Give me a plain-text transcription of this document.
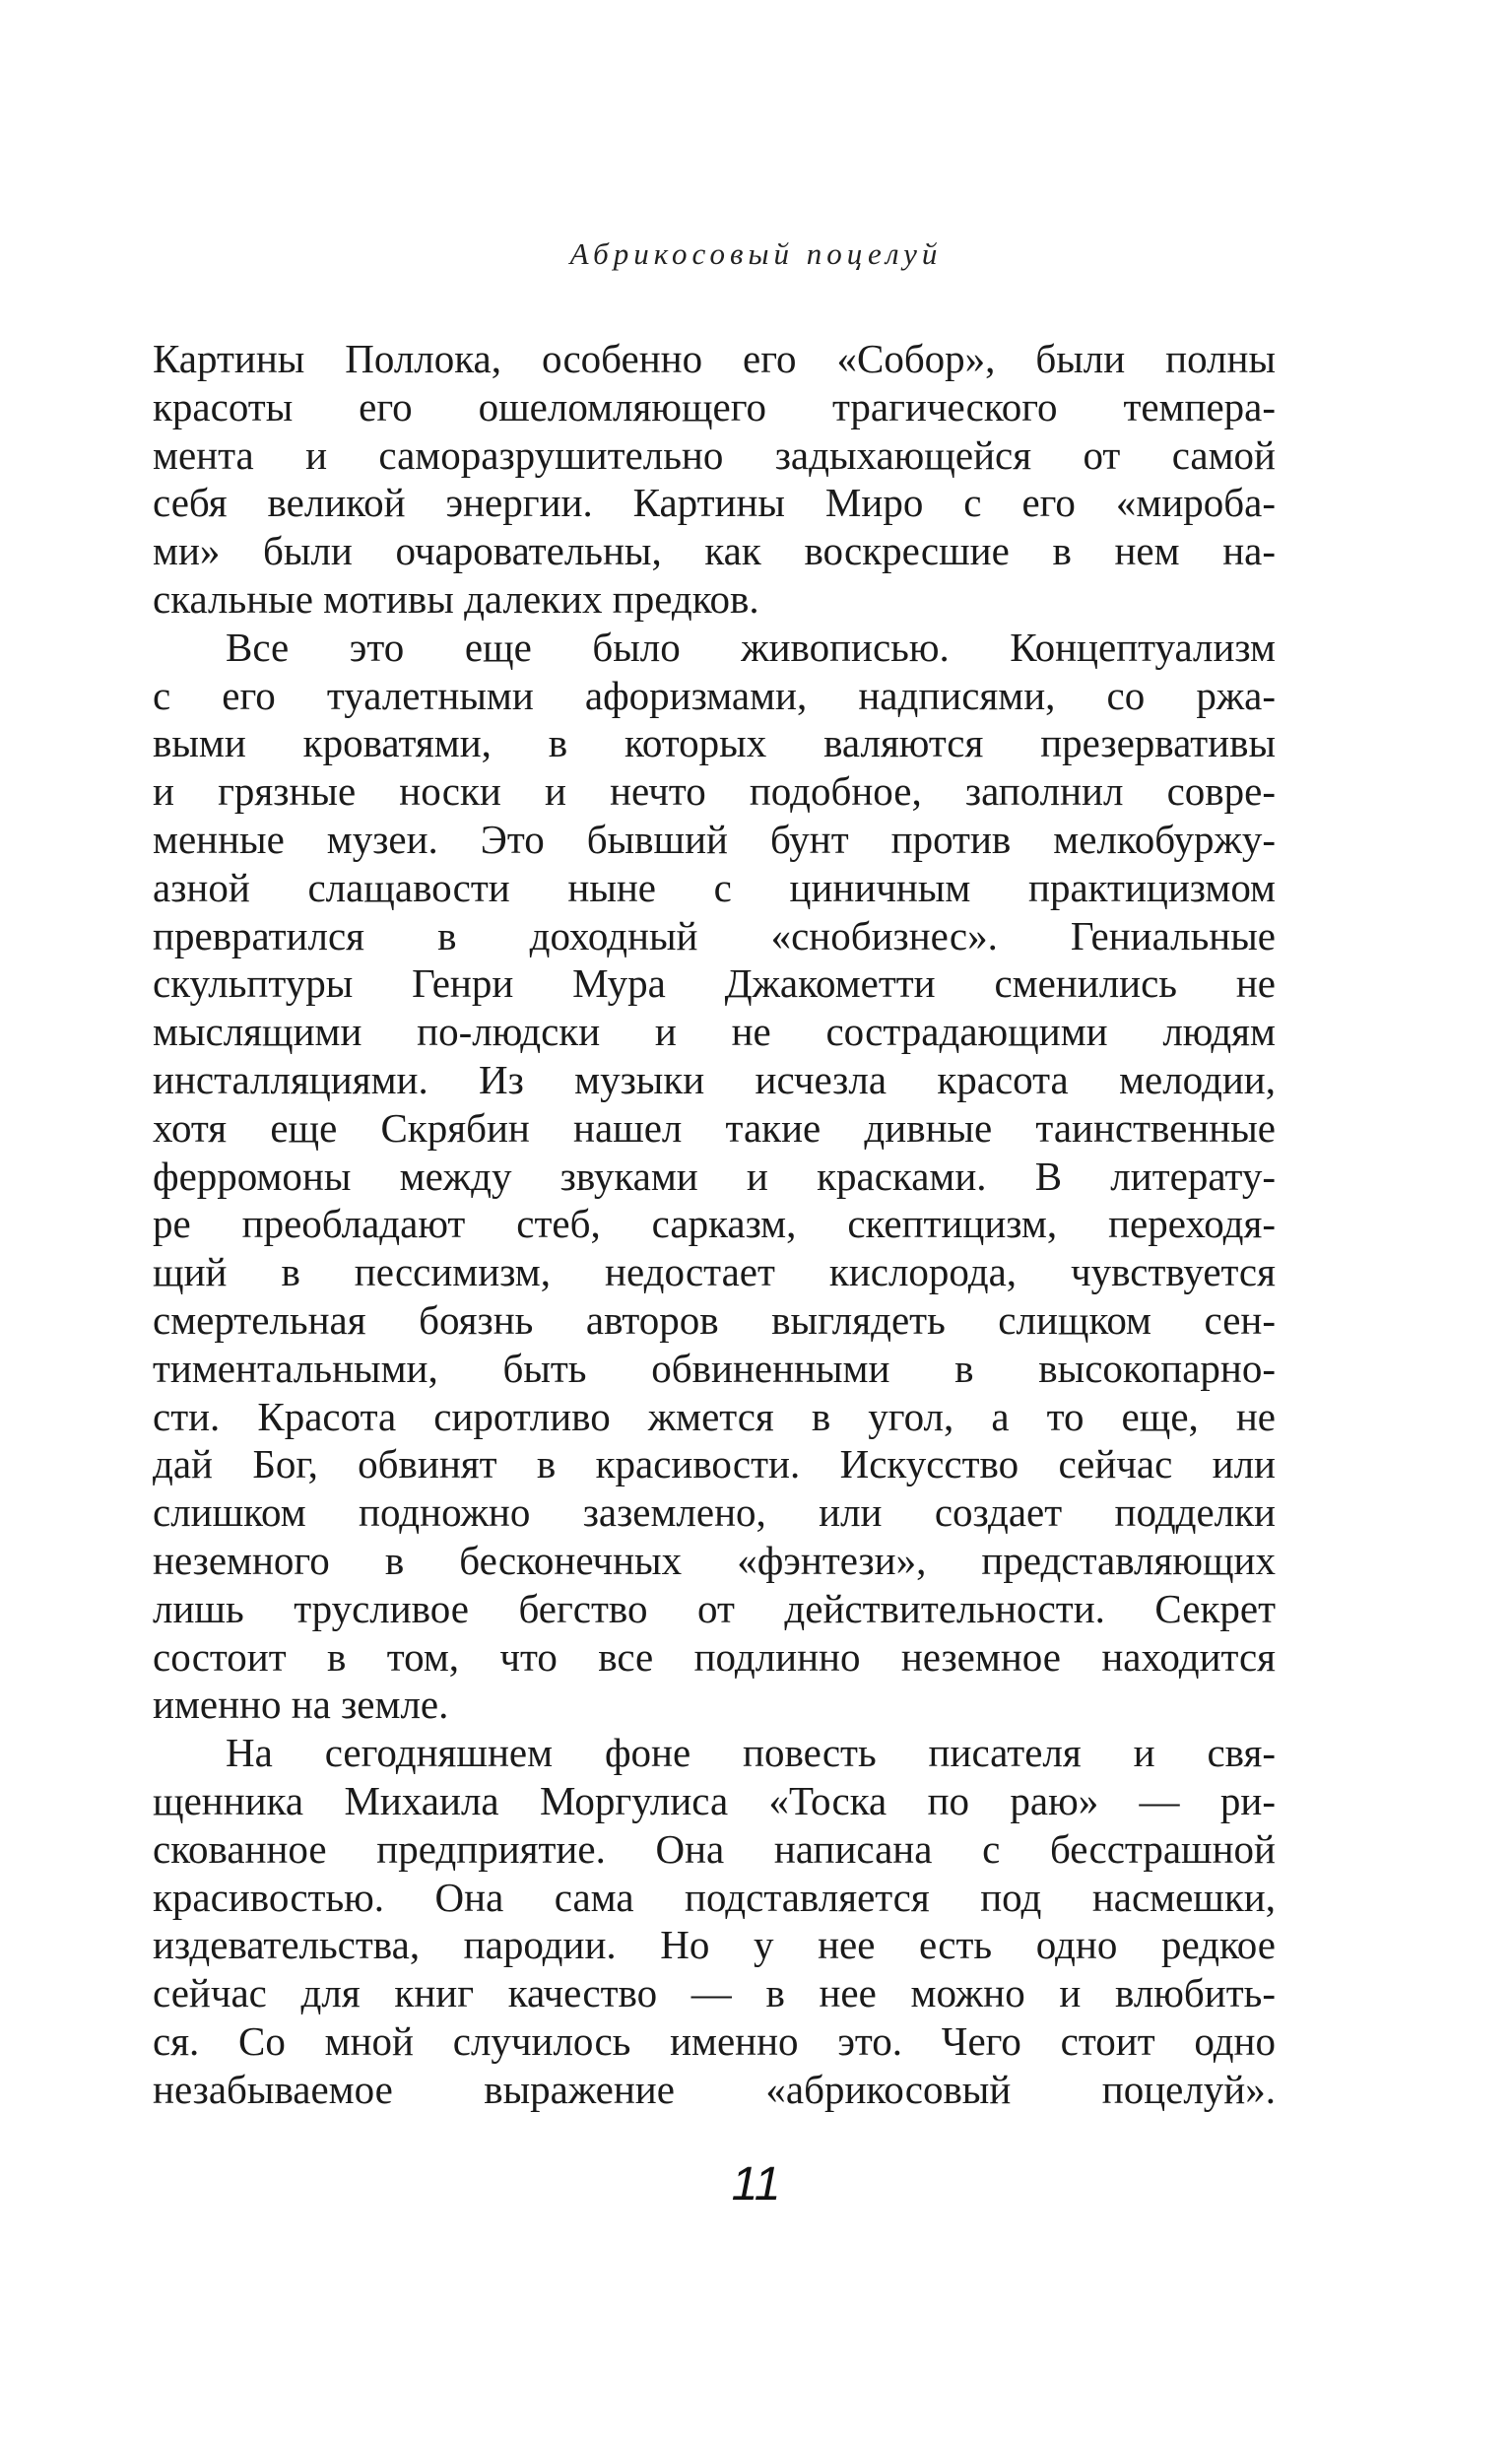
Абрикосовый поцелуй
Картины Поллока, особенно его «Собор», были полны
красоты его ошеломляющего трагического темпера-
мента и саморазрушительно задыхающейся от самой
себя великой энергии. Картины Миро с его «мироба-
ми» были очаровательны, как воскресшие в нем на-
скальные мотивы далеких предков.
Все это еще было живописью. Концептуализм
с его туалетными афоризмами, надписями, со ржа-
выми кроватями, в которых валяются презервативы
и грязные носки и нечто подобное, заполнил совре-
менные музеи. Это бывший бунт против мелкобуржу-
азной слащавости ныне с циничным практицизмом
превратился в доходный «снобизнес». Гениальные
скульптуры Генри Мура Джакометти сменились не
мыслящими по-людски и не сострадающими людям
инсталляциями. Из музыки исчезла красота мелодии,
хотя еще Скрябин нашел такие дивные таинственные
ферромоны между звуками и красками. В литерату-
ре преобладают стеб, сарказм, скептицизм, переходя-
щий в пессимизм, недостает кислорода, чувствуется
смертельная боязнь авторов выглядеть слищком сен-
тиментальными, быть обвиненными в высокопарно-
сти. Красота сиротливо жмется в угол, а то еще, не
дай Бог, обвинят в красивости. Искусство сейчас или
слишком подножно заземлено, или создает подделки
неземного в бесконечных «фэнтези», представляющих
лишь трусливое бегство от действительности. Секрет
состоит в том, что все подлинно неземное находится
именно на земле.
На сегодняшнем фоне повесть писателя и свя-
щенника Михаила Моргулиса «Тоска по раю» — ри-
скованное предприятие. Она написана с бесстрашной
красивостью. Она сама подставляется под насмешки,
издевательства, пародии. Но у нее есть одно редкое
сейчас для книг качество — в нее можно и влюбить-
ся. Со мной случилось именно это. Чего стоит одно
незабываемое выражение «абрикосовый поцелуй».
11
